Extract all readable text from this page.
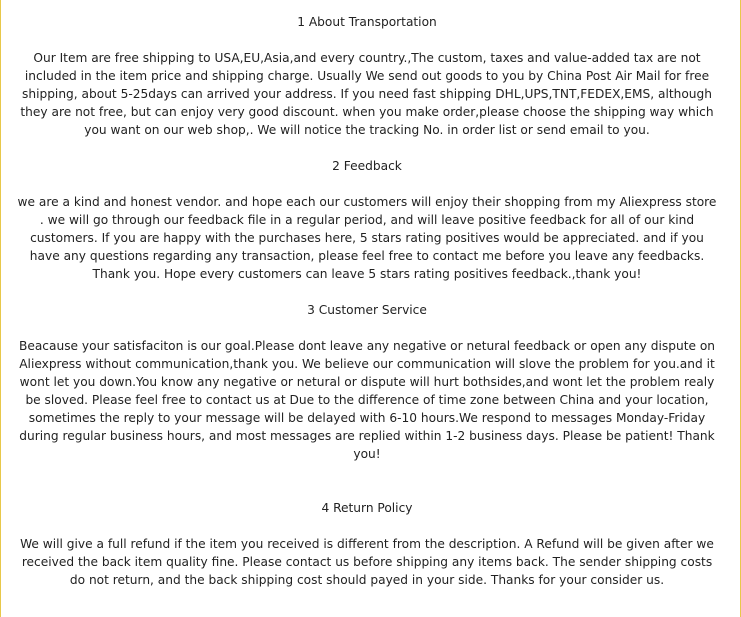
1 About Transportation

Our Item are free shipping to USA,EU,Asia,and every country.,The custom, taxes and value-added tax are not included in the item price and shipping charge. Usually We send out goods to you by China Post Air Mail for free shipping, about 5-25days can arrived your address. If you need fast shipping DHL,UPS,TNT,FEDEX,EMS, although they are not free, but can enjoy very good discount. when you make order,please choose the shipping way which you want on our web shop,. We will notice the tracking No. in order list or send email to you.

2 Feedback

we are a kind and honest vendor. and hope each our customers will enjoy their shopping from my Aliexpress store . we will go through our feedback file in a regular period, and will leave positive feedback for all of our kind customers. If you are happy with the purchases here, 5 stars rating positives would be appreciated. and if you have any questions regarding any transaction, please feel free to contact me before you leave any feedbacks. Thank you. Hope every customers can leave 5 stars rating positives feedback.,thank you!

3 Customer Service

Beacause your satisfaciton is our goal.Please dont leave any negative or netural feedback or open any dispute on Aliexpress without communication,thank you. We believe our communication will slove the problem for you.and it wont let you down.You know any negative or netural or dispute will hurt bothsides,and wont let the problem realy be sloved. Please feel free to contact us at Due to the difference of time zone between China and your location, sometimes the reply to your message will be delayed with 6-10 hours.We respond to messages Monday-Friday during regular business hours, and most messages are replied within 1-2 business days. Please be patient! Thank you!

4 Return Policy

We will give a full refund if the item you received is different from the description. A Refund will be given after we received the back item quality fine. Please contact us before shipping any items back. The sender shipping costs do not return, and the back shipping cost should payed in your side. Thanks for your consider us.
